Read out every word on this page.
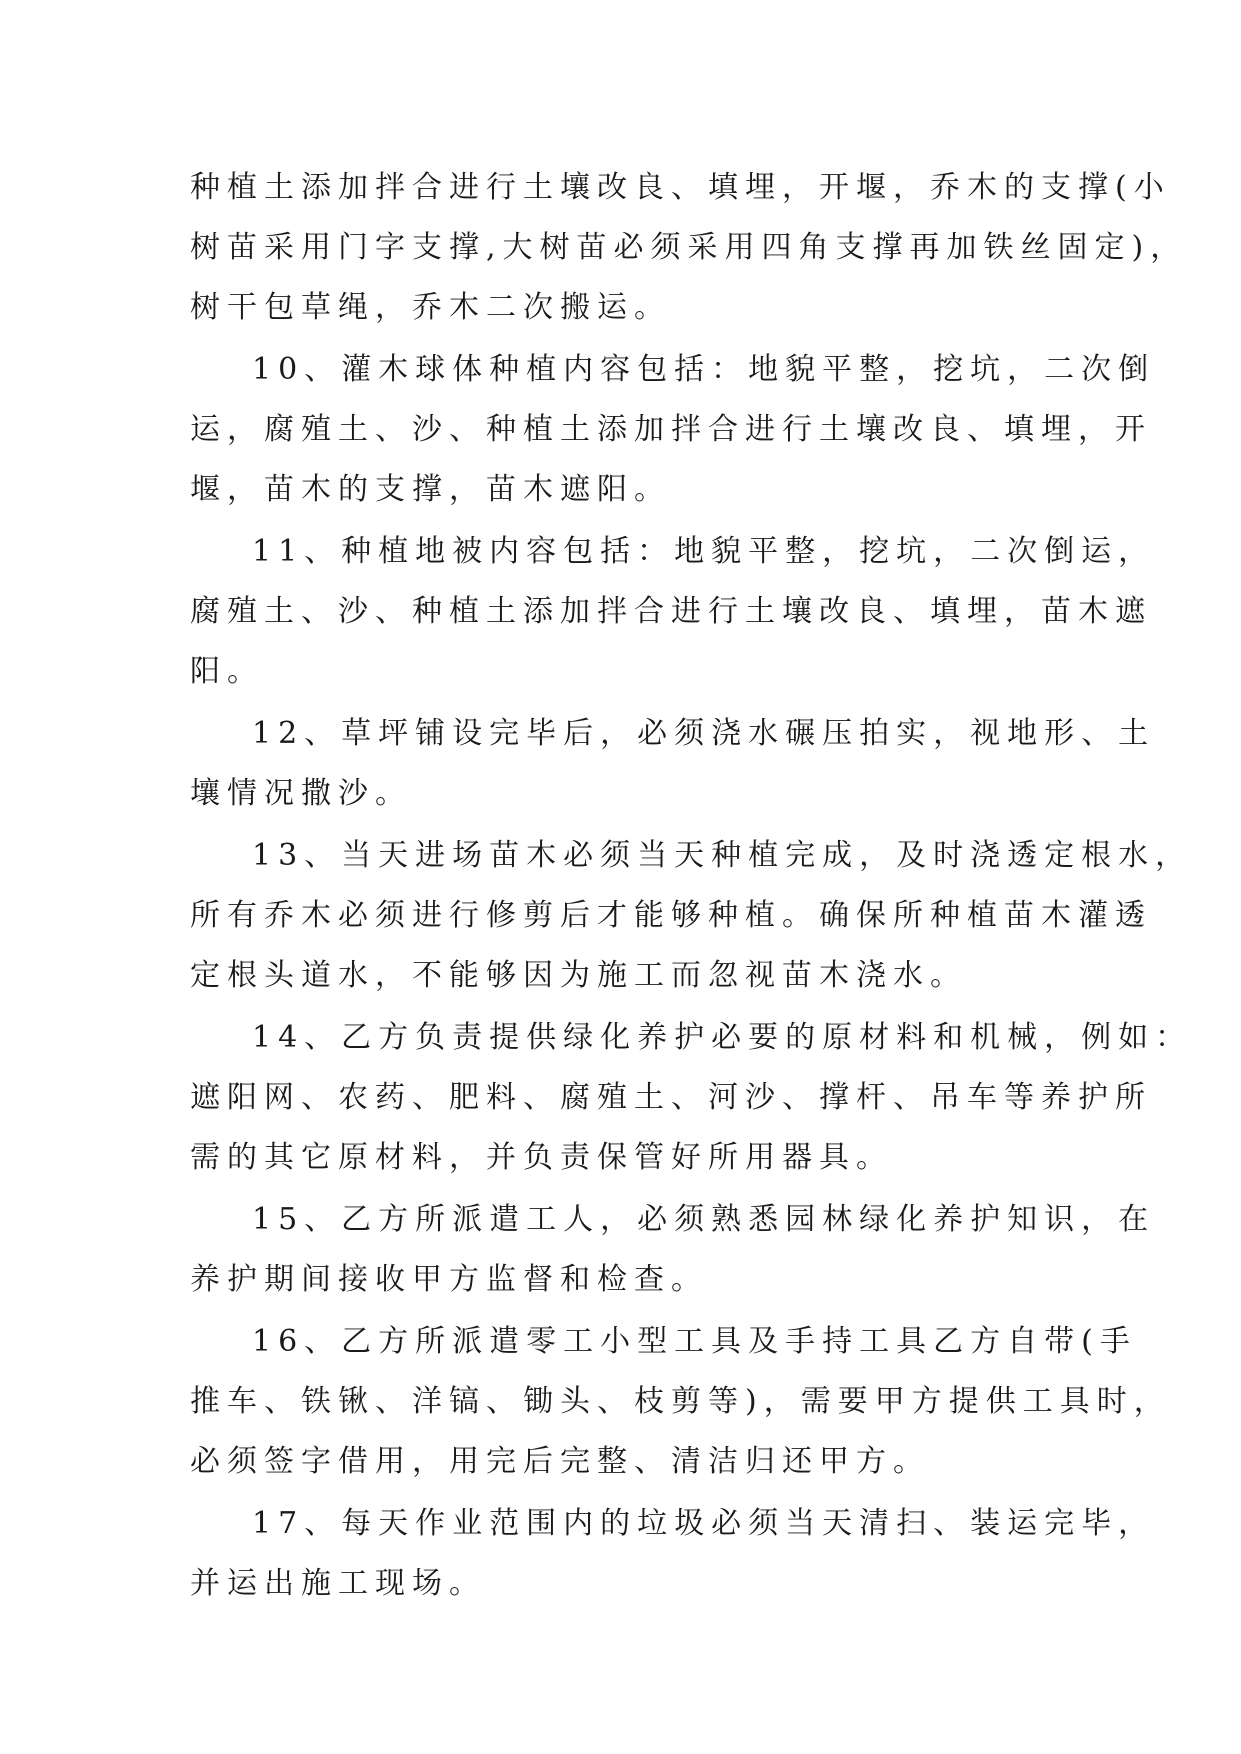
种植土添加拌合进行土壤改良、填埋，开堰，乔木的支撑(小
树苗采用门字支撑,大树苗必须采用四角支撑再加铁丝固定)，
树干包草绳，乔木二次搬运。
10、灌木球体种植内容包括：地貌平整，挖坑，二次倒
运，腐殖土、沙、种植土添加拌合进行土壤改良、填埋，开
堰，苗木的支撑，苗木遮阳。
11、种植地被内容包括：地貌平整，挖坑，二次倒运，
腐殖土、沙、种植土添加拌合进行土壤改良、填埋，苗木遮
阳。
12、草坪铺设完毕后，必须浇水碾压拍实，视地形、土
壤情况撒沙。
13、当天进场苗木必须当天种植完成，及时浇透定根水，
所有乔木必须进行修剪后才能够种植。确保所种植苗木灌透
定根头道水，不能够因为施工而忽视苗木浇水。
14、乙方负责提供绿化养护必要的原材料和机械，例如：
遮阳网、农药、肥料、腐殖土、河沙、撑杆、吊车等养护所
需的其它原材料，并负责保管好所用器具。
15、乙方所派遣工人，必须熟悉园林绿化养护知识，在
养护期间接收甲方监督和检查。
16、乙方所派遣零工小型工具及手持工具乙方自带(手
推车、铁锹、洋镐、锄头、枝剪等)，需要甲方提供工具时，
必须签字借用，用完后完整、清洁归还甲方。
17、每天作业范围内的垃圾必须当天清扫、装运完毕，
并运出施工现场。
